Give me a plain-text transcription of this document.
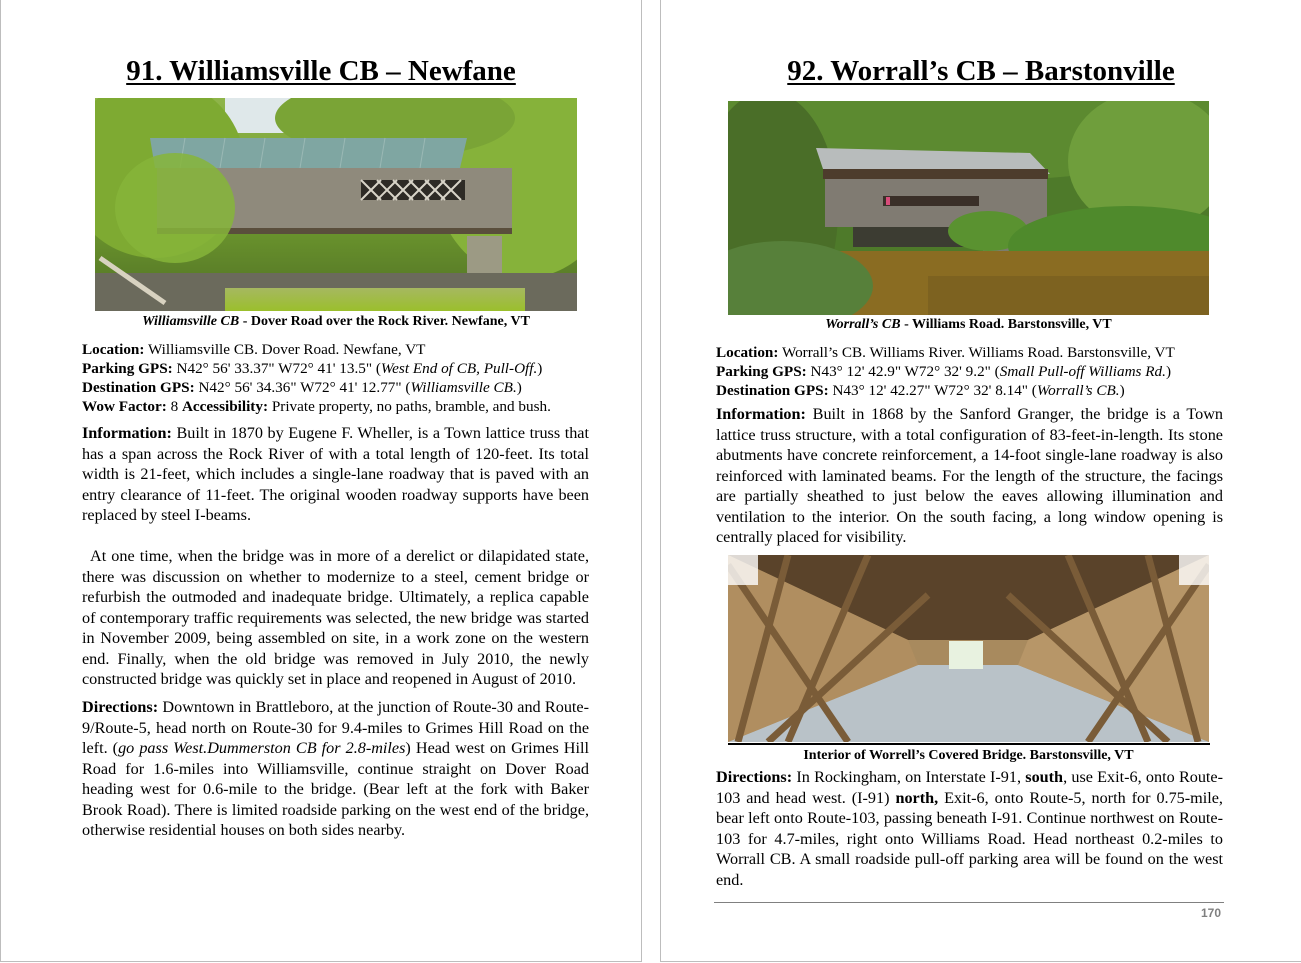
91. Williamsville CB – Newfane
Williamsville CB - Dover Road over the Rock River. Newfane, VT

Location: Williamsville CB. Dover Road. Newfane, VT

Parking GPS: N42° 56' 33.37" W72° 41' 13.5" (West End of CB, Pull-Off.)

Destination GPS: N42° 56' 34.36" W72° 41' 12.77" (Williamsville CB.)

Wow Factor: 8 Accessibility: Private property, no paths, bramble, and bush.

Information: Built in 1870 by Eugene F. Wheller, is a Town lattice truss that has a span across the Rock River of with a total length of 120-feet. Its total width is 21-feet, which includes a single-lane roadway that is paved with an entry clearance of 11-feet. The original wooden roadway supports have been replaced by steel I-beams.

At one time, when the bridge was in more of a derelict or dilapidated state, there was discussion on whether to modernize to a steel, cement bridge or refurbish the outmoded and inadequate bridge. Ultimately, a replica capable of contemporary traffic requirements was selected, the new bridge was started in November 2009, being assembled on site, in a work zone on the western end. Finally, when the old bridge was removed in July 2010, the newly constructed bridge was quickly set in place and reopened in August of 2010.

Directions: Downtown in Brattleboro, at the junction of Route-30 and Route-9/Route-5, head north on Route-30 for 9.4-miles to Grimes Hill Road on the left. (go pass West.Dummerston CB for 2.8-miles) Head west on Grimes Hill Road for 1.6-miles into Williamsville, continue straight on Dover Road heading west for 0.6-mile to the bridge. (Bear left at the fork with Baker Brook Road). There is limited roadside parking on the west end of the bridge, otherwise residential houses on both sides nearby.

92. Worrall’s CB – Barstonville
Worrall’s CB - Williams Road. Barstonsville, VT

Location: Worrall’s CB. Williams River. Williams Road. Barstonsville, VT

Parking GPS: N43° 12' 42.9" W72° 32' 9.2" (Small Pull-off Williams Rd.)

Destination GPS: N43° 12' 42.27" W72° 32' 8.14" (Worrall’s CB.)

Information: Built in 1868 by the Sanford Granger, the bridge is a Town lattice truss structure, with a total configuration of 83-feet-in-length. Its stone abutments have concrete reinforcement, a 14-foot single-lane roadway is also reinforced with laminated beams. For the length of the structure, the facings are partially sheathed to just below the eaves allowing illumination and ventilation to the interior. On the south facing, a long window opening is centrally placed for visibility.

Interior of Worrell’s Covered Bridge. Barstonsville, VT

Directions: In Rockingham, on Interstate I-91, south, use Exit-6, onto Route-103 and head west. (I-91) north, Exit-6, onto Route-5, north for 0.75-mile, bear left onto Route-103, passing beneath I-91. Continue northwest on Route-103 for 4.7-miles, right onto Williams Road. Head northeast 0.2-miles to Worrall CB. A small roadside pull-off parking area will be found on the west end.

170
